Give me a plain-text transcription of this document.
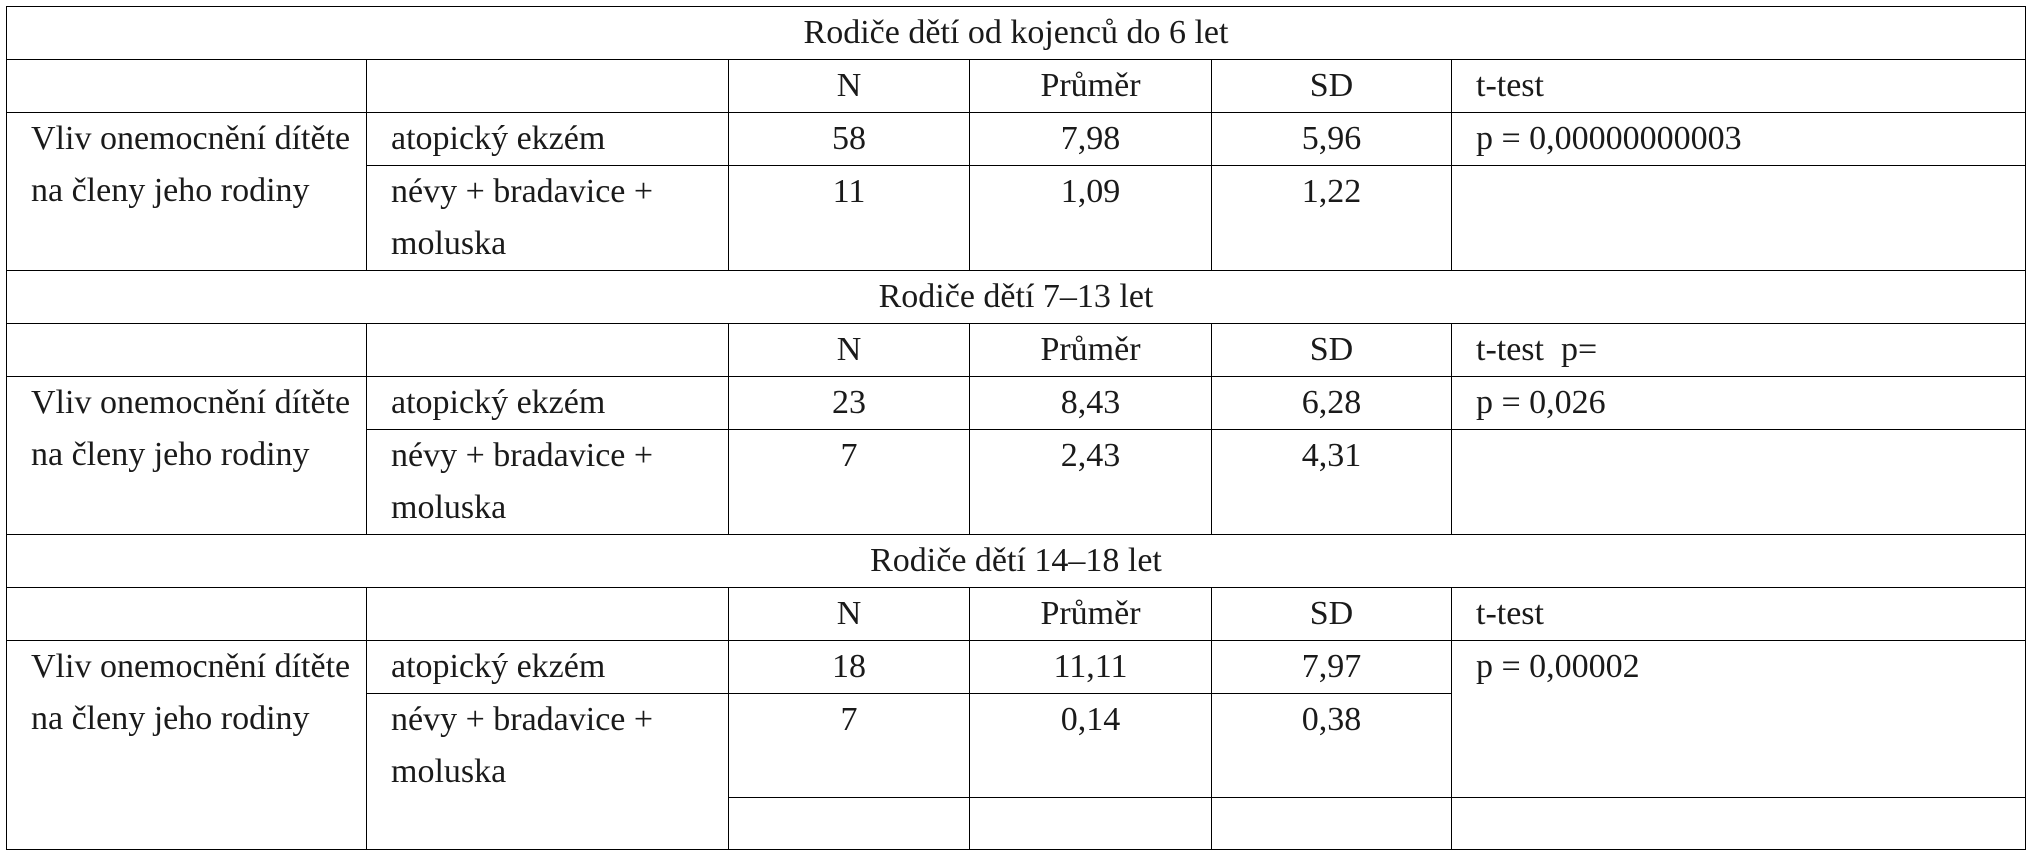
Rodiče dětí od kojenců do 6 let					
		N	Průměr	SD	t-test
Vliv onemocnění dítěte na členy jeho rodiny	atopický ekzém	58	7,98	5,96	p = 0,00000000003
	névy + bradavice + moluska	11	1,09	1,22	
Rodiče dětí 7–13 let					
		N	Průměr	SD	t-test  p=
Vliv onemocnění dítěte na členy jeho rodiny	atopický ekzém	23	8,43	6,28	p = 0,026
	névy + bradavice + moluska	7	2,43	4,31	
Rodiče dětí 14–18 let					
		N	Průměr	SD	t-test
Vliv onemocnění dítěte na členy jeho rodiny	atopický ekzém	18	11,11	7,97	p = 0,00002
	névy + bradavice + moluska	7	0,14	0,38	
